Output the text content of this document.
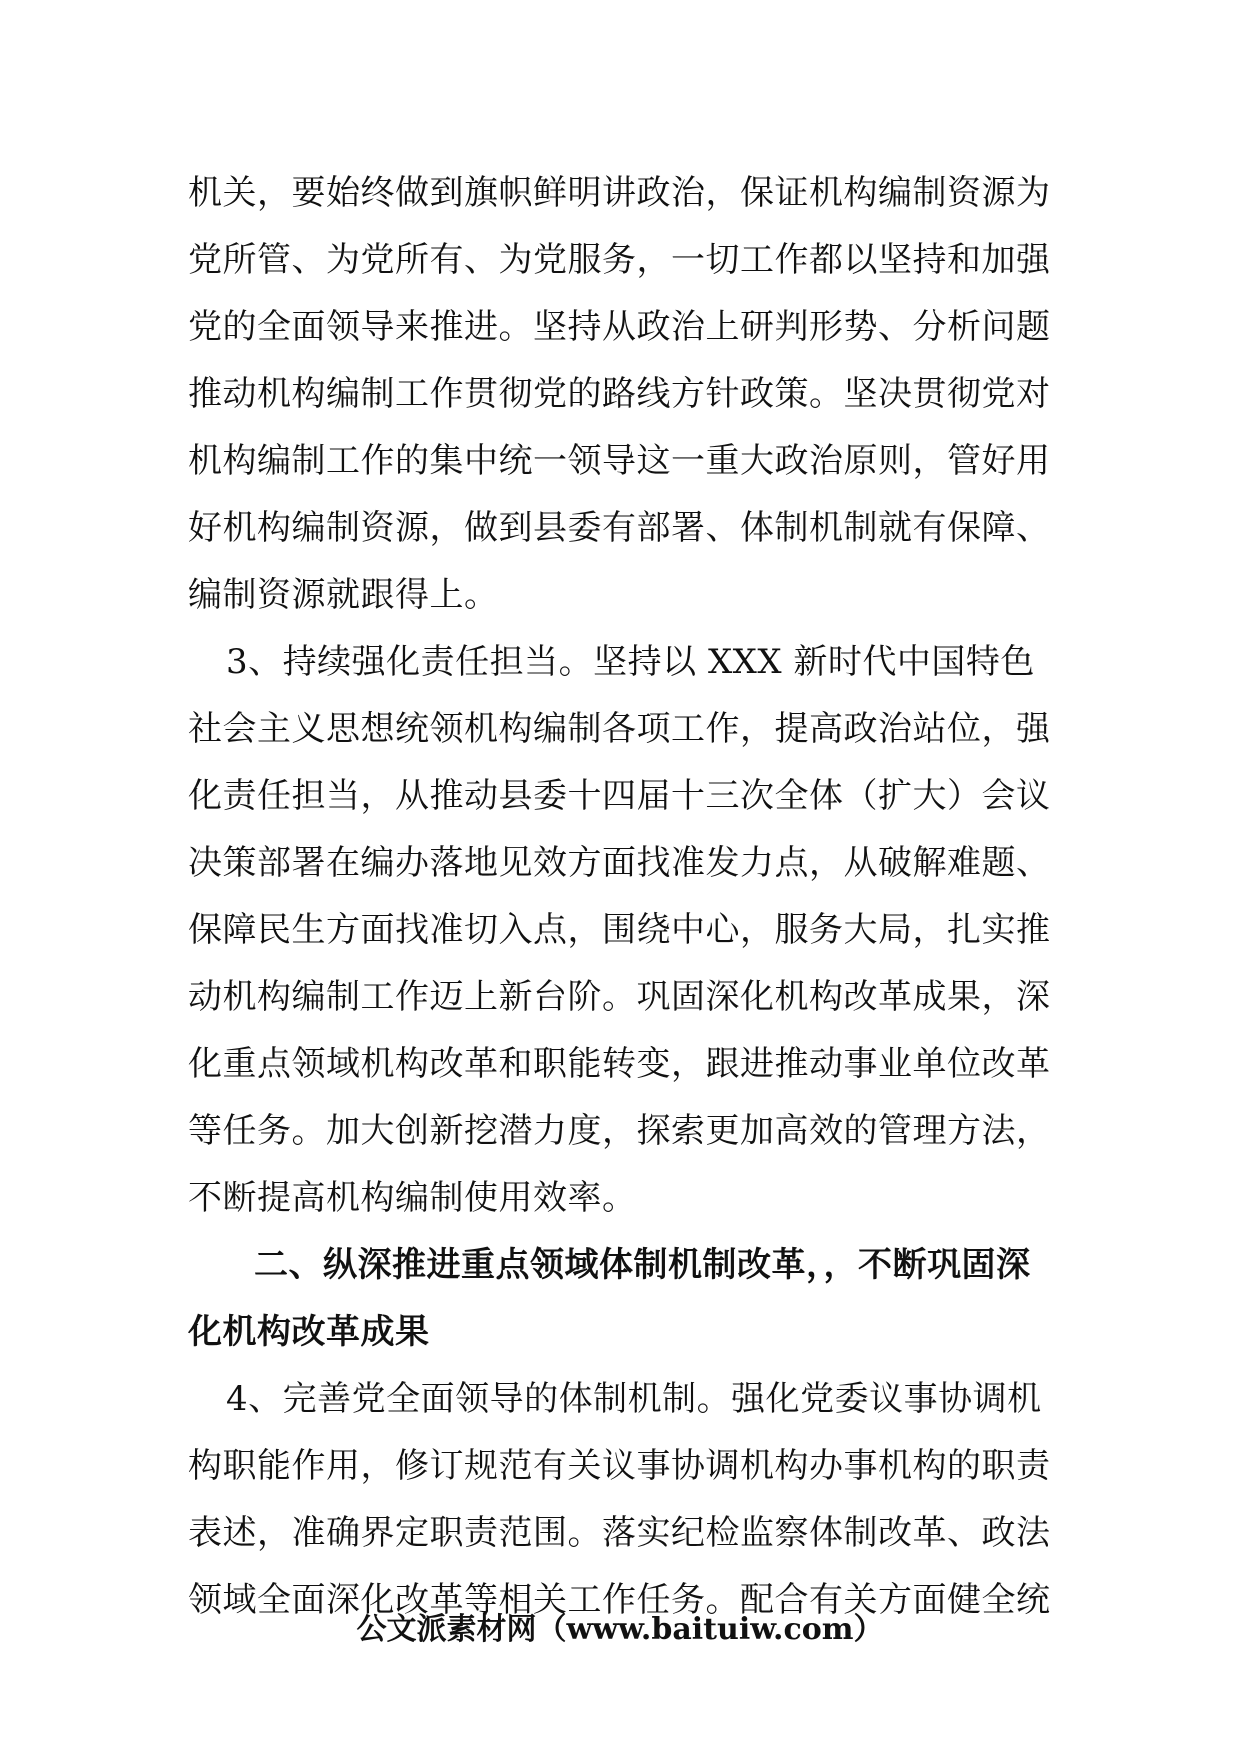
机关，要始终做到旗帜鲜明讲政治，保证机构编制资源为
党所管、为党所有、为党服务，一切工作都以坚持和加强
党的全面领导来推进。坚持从政治上研判形势、分析问题
推动机构编制工作贯彻党的路线方针政策。坚决贯彻党对
机构编制工作的集中统一领导这一重大政治原则，管好用
好机构编制资源，做到县委有部署、体制机制就有保障、
编制资源就跟得上。
3、持续强化责任担当。坚持以 XXX 新时代中国特色
社会主义思想统领机构编制各项工作，提高政治站位，强
化责任担当，从推动县委十四届十三次全体（扩大）会议
决策部署在编办落地见效方面找准发力点，从破解难题、
保障民生方面找准切入点，围绕中心，服务大局，扎实推
动机构编制工作迈上新台阶。巩固深化机构改革成果，深
化重点领域机构改革和职能转变，跟进推动事业单位改革
等任务。加大创新挖潜力度，探索更加高效的管理方法，
不断提高机构编制使用效率。
二、纵深推进重点领域体制机制改革，，不断巩固深
化机构改革成果
4、完善党全面领导的体制机制。强化党委议事协调机
构职能作用，修订规范有关议事协调机构办事机构的职责
表述，准确界定职责范围。落实纪检监察体制改革、政法
领域全面深化改革等相关工作任务。配合有关方面健全统
公文派素材网（www.baituiw.com）
